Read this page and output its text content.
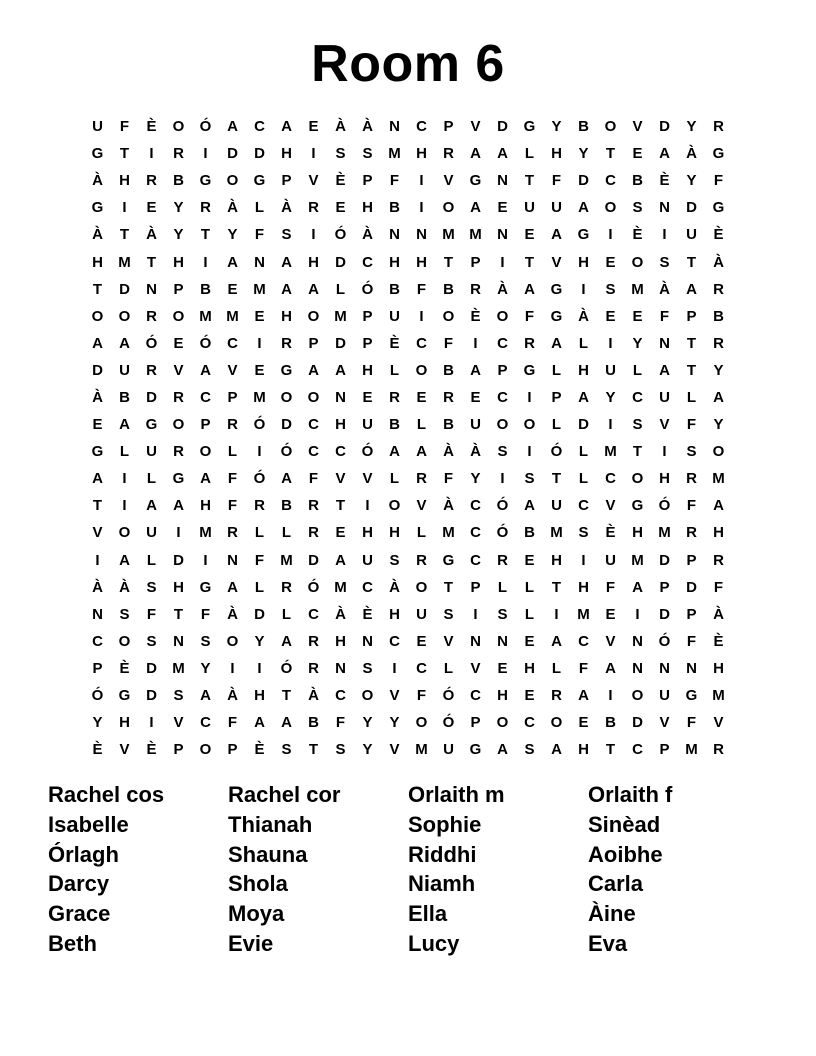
Room 6
U	F	È	O	Ó	A	C	A	E	À	À	N	C	P	V	D	G	Y	B	O	V	D	Y	R
G	T	I	R	I	D	D	H	I	S	S	M	H	R	A	A	L	H	Y	T	E	A	À	G
À	H	R	B	G	O	G	P	V	È	P	F	I	V	G	N	T	F	D	C	B	È	Y	F
G	I	E	Y	R	À	L	À	R	E	H	B	I	O	A	E	U	U	A	O	S	N	D	G
À	T	À	Y	T	Y	F	S	I	Ó	À	N	N	M M	N	E	A	G	I	È	I	U	È
H	M	T	H	I	A	N	A	H	D	C	H	H	T	P	I	T	V	H	E	O	S	T	À
T	D	N	P	B	E	M	A	A	L	Ó	B	F	B	R	À	A	G	I	S	M	À	A	R
O	O	R	O M M	E	H	O M	P	U	I	O	È	O	F	G	À	E	E	F	P	B
A	A	Ó	E	Ó	C	I	R	P	D	P	È	C	F	I	C	R	A	L	I	Y	N	T	R
D	U	R	V	A	V	E	G	A	A	H	L	O	B	A	P	G	L	H	U	L	A	T	Y
À	B	D	R	C	P	M O	O	N	E	R	E	R	E	C	I	P	A	Y	C	U	L	A
E	A	G	O	P	R	Ó	D	C	H	U	B	L	B	U	O	O	L	D	I	S	V	F	Y
G	L	U	R	O	L	I	Ó	C	C	Ó	A	A	À	À	S	I	Ó	L	M	T	I	S	O
A	I	L	G	A	F	Ó	A	F	V	V	L	R	F	Y	I	S	T	L	C	O	H	R	M
T	I	A	A	H	F	R	B	R	T	I	O	V	À	C	Ó	A	U	C	V	G	Ó	F	A
V	O	U	I	M	R	L	L	R	E	H	H	L	M	C	Ó	B	M	S	È	H	M	R	H
I	A	L	D	I	N	F	M	D	A	U	S	R	G	C	R	E	H	I	U	M	D	P	R
À	À	S	H	G	A	L	R	Ó M	C	À	O	T	P	L	L	T	H	F	A	P	D	F
N	S	F	T	F	À	D	L	C	À	È	H	U	S	I	S	L	I	M	E	I	D	P	À
C	O	S	N	S	O	Y	A	R	H	N	C	E	V	N	N	E	A	C	V	N	Ó	F	È
P	È	D	M	Y	I	I	Ó	R	N	S	I	C	L	V	E	H	L	F	A	N	N	N	H
Ó	G	D	S	A	À	H	T	À	C	O	V	F	Ó	C	H	E	R	A	I	O	U	G M
Y	H	I	V	C	F	A	A	B	F	Y	Y	O	Ó	P	O	C	O	E	B	D	V	F	V
È	V	È	P	O	P	È	S	T	S	Y	V	M	U	G	A	S	A	H	T	C	P	M	R
Rachel cos	Rachel cor	Orlaith m	Orlaith f
Isabelle	Thianah	Sophie	Sinèad
Órlagh	Shauna	Riddhi	Aoibhe
Darcy	Shola	Niamh	Carla
Grace	Moya	Ella	Àine
Beth	Evie	Lucy	Eva
